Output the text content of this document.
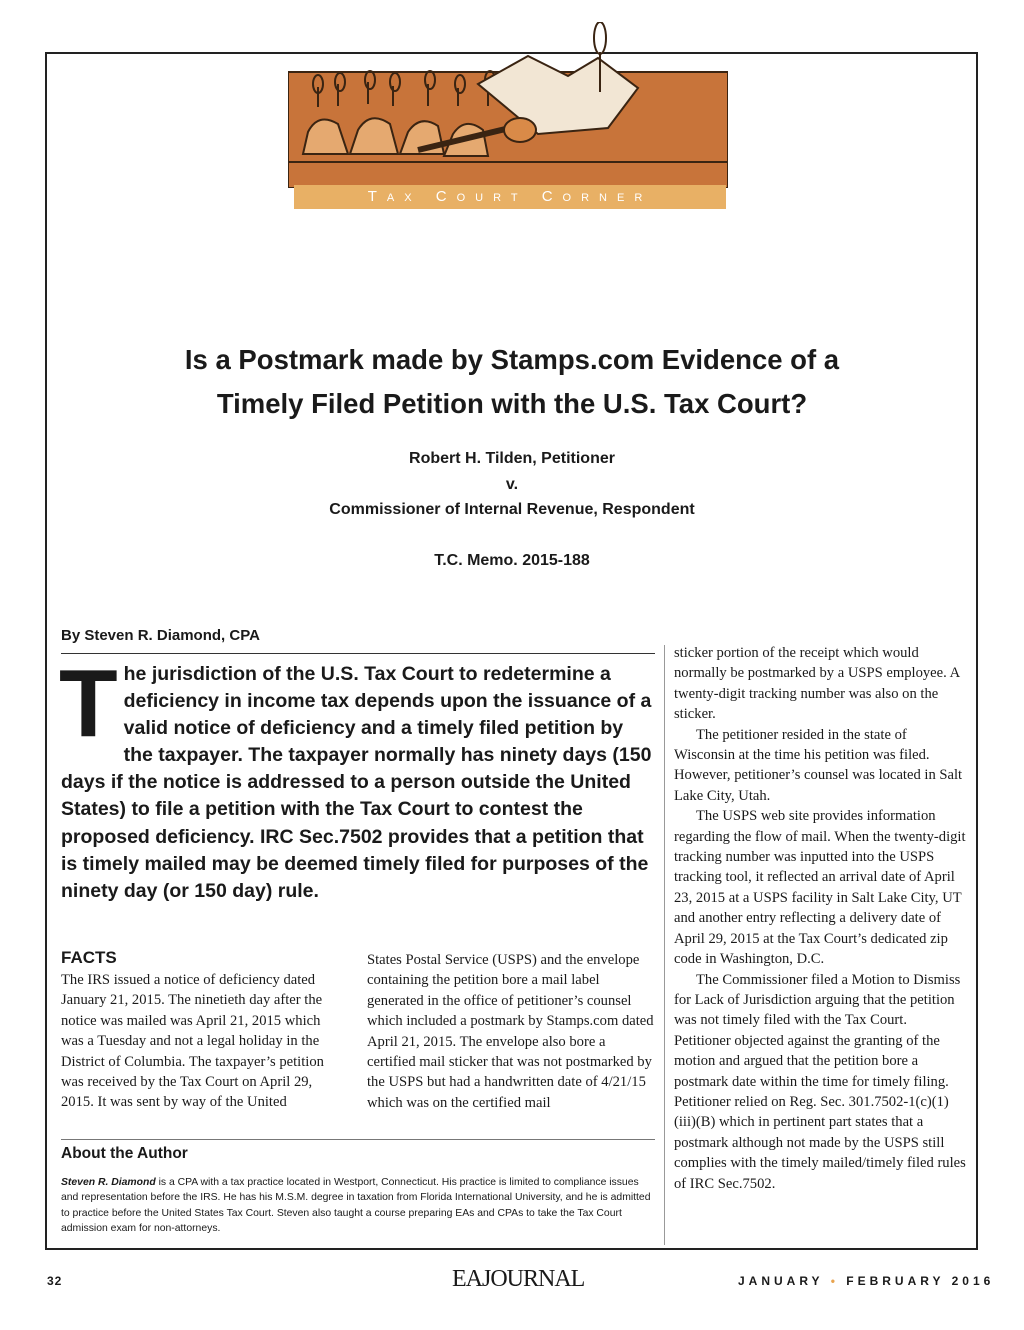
Tax Court Corner
Is a Postmark made by Stamps.com Evidence of a
Timely Filed Petition with the U.S. Tax Court?
Robert H. Tilden, Petitioner
v.
Commissioner of Internal Revenue, Respondent
T.C. Memo. 2015-188
By Steven R. Diamond, CPA
T he jurisdiction of the U.S. Tax Court to redetermine a deficiency in income tax depends upon the issuance of a valid notice of deficiency and a timely filed petition by the taxpayer. The taxpayer normally has ninety days (150 days if the notice is addressed to a person outside the United States) to file a petition with the Tax Court to contest the proposed deficiency. IRC Sec.7502 provides that a petition that is timely mailed may be deemed timely filed for purposes of the ninety day (or 150 day) rule.
FACTS

The IRS issued a notice of deficiency dated January 21, 2015. The ninetieth day after the notice was mailed was April 21, 2015 which was a Tuesday and not a legal holiday in the District of Columbia. The taxpayer’s petition was received by the Tax Court on April 29, 2015. It was sent by way of the United

States Postal Service (USPS) and the envelope containing the petition bore a mail label generated in the office of petitioner’s counsel which included a postmark by Stamps.com dated April 21, 2015. The envelope also bore a certified mail sticker that was not postmarked by the USPS but had a handwritten date of 4/21/15 which was on the certified mail

sticker portion of the receipt which would normally be postmarked by a USPS employee. A twenty-digit tracking number was also on the sticker.

The petitioner resided in the state of Wisconsin at the time his petition was filed. However, petitioner’s counsel was located in Salt Lake City, Utah.

The USPS web site provides information regarding the flow of mail. When the twenty-digit tracking number was inputted into the USPS tracking tool, it reflected an arrival date of April 23, 2015 at a USPS facility in Salt Lake City, UT and another entry reflecting a delivery date of April 29, 2015 at the Tax Court’s dedicated zip code in Washington, D.C.

The Commissioner filed a Motion to Dismiss for Lack of Jurisdiction arguing that the petition was not timely filed with the Tax Court. Petitioner objected against the granting of the motion and argued that the petition bore a postmark date within the time for timely filing. Petitioner relied on Reg. Sec. 301.7502-1(c)(1)(iii)(B) which in pertinent part states that a postmark although not made by the USPS still complies with the timely mailed/timely filed rules of IRC Sec.7502.

About the Author
Steven R. Diamond is a CPA with a tax practice located in Westport, Connecticut. His practice is limited to compliance issues and representation before the IRS. He has his M.S.M. degree in taxation from Florida International University, and he is admitted to practice before the United States Tax Court. Steven also taught a course preparing EAs and CPAs to take the Tax Court admission exam for non-attorneys.
32	EAJOURNAL	JANUARY • FEBRUARY 2016
